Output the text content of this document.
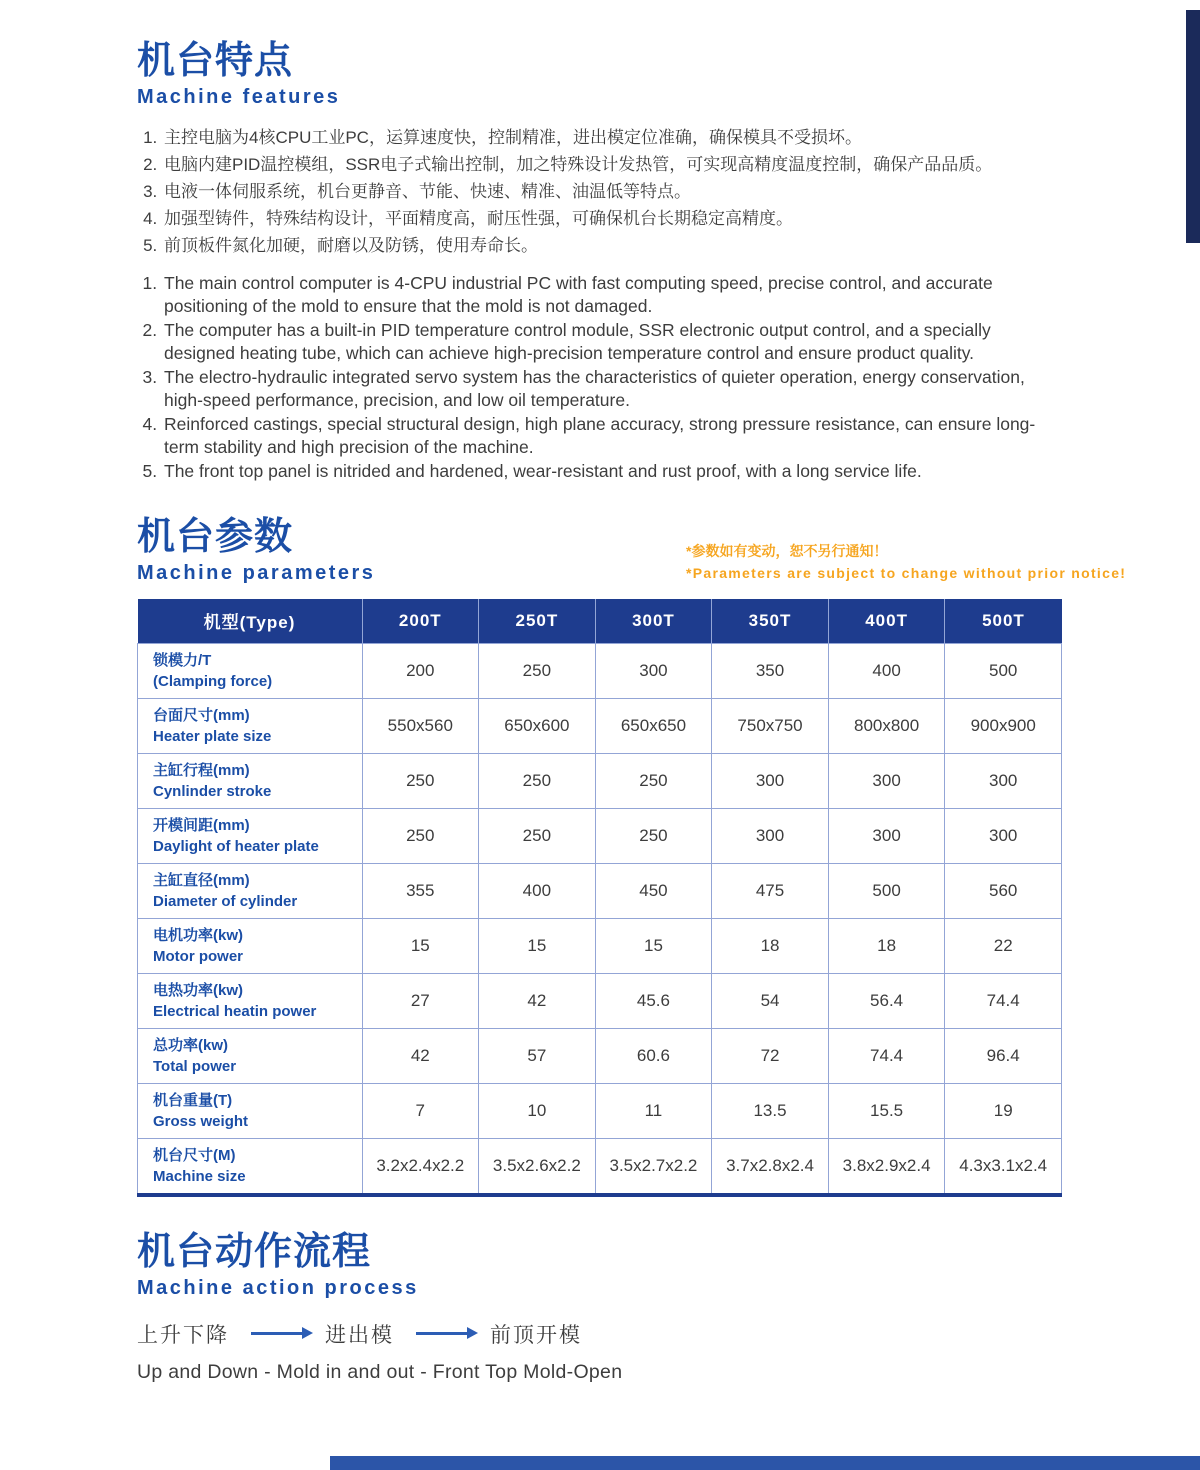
机台特点
Machine features
1. 主控电脑为4核CPU工业PC，运算速度快，控制精准，进出模定位准确，确保模具不受损坏。
2. 电脑内建PID温控模组，SSR电子式输出控制，加之特殊设计发热管，可实现高精度温度控制，确保产品品质。
3. 电液一体伺服系统，机台更静音、节能、快速、精准、油温低等特点。
4. 加强型铸件，特殊结构设计，平面精度高，耐压性强，可确保机台长期稳定高精度。
5. 前顶板件氮化加硬，耐磨以及防锈，使用寿命长。
1. The main control computer is 4-CPU industrial PC with fast computing speed, precise control, and accurate positioning of the mold to ensure that the mold is not damaged.
2. The computer has a built-in PID temperature control module, SSR electronic output control, and a specially designed heating tube, which can achieve high-precision temperature control and ensure product quality.
3. The electro-hydraulic integrated servo system has the characteristics of quieter operation, energy conservation, high-speed performance, precision, and low oil temperature.
4. Reinforced castings, special structural design, high plane accuracy, strong pressure resistance, can ensure long-term stability and high precision of the machine.
5. The front top panel is nitrided and hardened, wear-resistant and rust proof, with a long service life.
机台参数
Machine parameters
*参数如有变动，恕不另行通知！
*Parameters are subject to change without prior notice!
机型(Type)	200T	250T	300T	350T	400T	500T
锁模力/T
(Clamping force)	200	250	300	350	400	500
台面尺寸(mm)
Heater plate size	550x560	650x600	650x650	750x750	800x800	900x900
主缸行程(mm)
Cynlinder stroke	250	250	250	300	300	300
开模间距(mm)
Daylight of heater plate	250	250	250	300	300	300
主缸直径(mm)
Diameter of cylinder	355	400	450	475	500	560
电机功率(kw)
Motor power	15	15	15	18	18	22
电热功率(kw)
Electrical heatin power	27	42	45.6	54	56.4	74.4
总功率(kw)
Total power	42	57	60.6	72	74.4	96.4
机台重量(T)
Gross weight	7	10	11	13.5	15.5	19
机台尺寸(M)
Machine size	3.2x2.4x2.2	3.5x2.6x2.2	3.5x2.7x2.2	3.7x2.8x2.4	3.8x2.9x2.4	4.3x3.1x2.4
机台动作流程
Machine action process
上升下降	进出模	前顶开模
Up and Down - Mold in and out - Front Top Mold-Open
